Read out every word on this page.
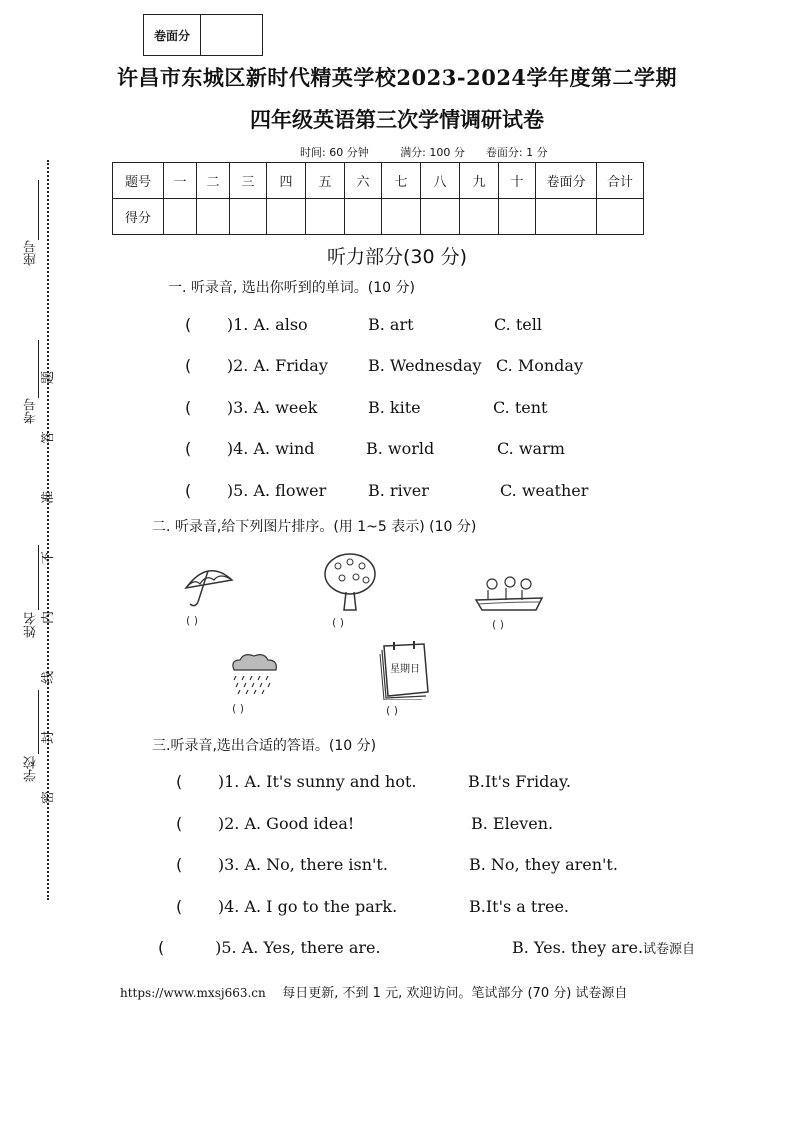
卷面分
许昌市东城区新时代精英学校2023-2024学年度第二学期
四年级英语第三次学情调研试卷
时间: 60 分钟	满分: 100 分 卷面分: 1 分
题号	一	二	三	四	五	六	七	八	九	十	卷面分	合计
得分												
座号
考号
姓名
学校
题
答
准
不
内
线
封
密
听力部分(30 分)
一. 听录音, 选出你听到的单词。(10 分)
(       )1. A. also	B. art	C. tell
(       )2. A. Friday	B. Wednesday C. Monday
(       )3. A. week	B. kite	C. tent
(       )4. A. wind	B. world	C. warm
(       )5. A. flower	B. river	C. weather
二. 听录音,给下列图片排序。(用 1~5 表示) (10 分)
( )	( )	( )
( )
星期日
( )
三.听录音,选出合适的答语。(10 分)
(       )1. A. It's sunny and hot.	B.It's Friday.
(       )2. A. Good idea!	B. Eleven.
(       )3. A. No, there isn't.	B. No, they aren't.
(       )4. A. I go to the park.	B.It's a tree.
(          )5. A. Yes, there are.	B. Yes. they are.试卷源自
https://www.mxsj663.cn 每日更新, 不到 1 元, 欢迎访问。笔试部分 (70 分) 试卷源自
